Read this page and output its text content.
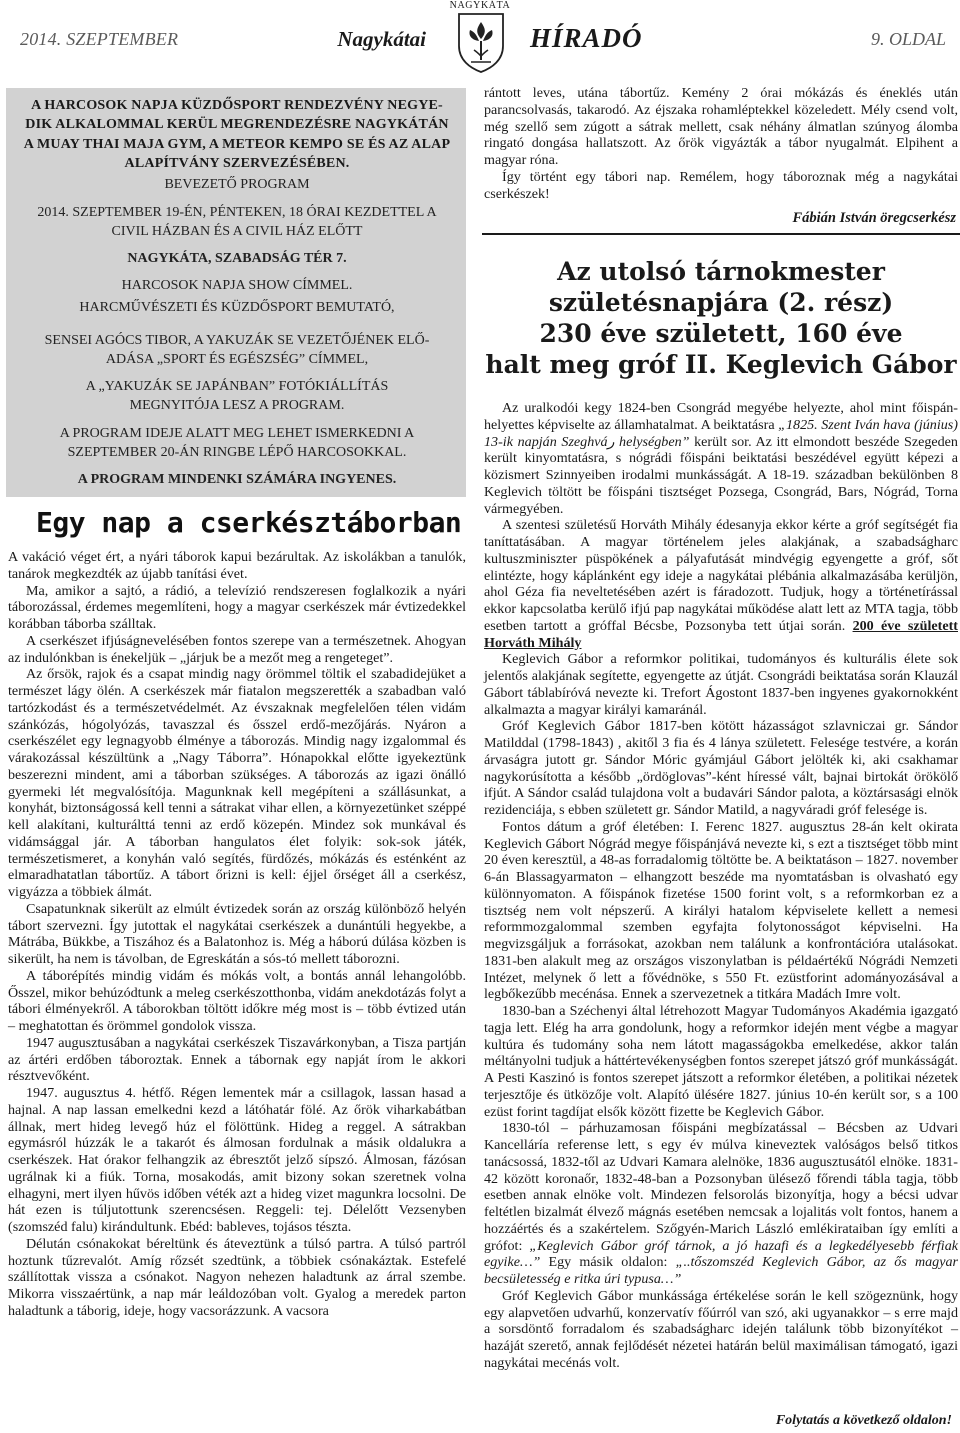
2014. SZEPTEMBER	Nagykátai
NAGYKÁTA
HÍRADÓ	9. OLDAL
A HARCOSOK NAPJA KÜZDŐSPORT RENDEZVÉNY NEGYE-
DIK ALKALOMMAL KERÜL MEGRENDEZÉSRE NAGYKÁTÁN
A MUAY THAI MAJA GYM, A METEOR KEMPO SE ÉS AZ ALAP
ALAPÍTVÁNY SZERVEZÉSÉBEN.
BEVEZETŐ PROGRAM
2014. SZEPTEMBER 19-ÉN, PÉNTEKEN, 18 ÓRAI KEZDETTEL A
CIVIL HÁZBAN ÉS A CIVIL HÁZ ELŐTT
NAGYKÁTA, SZABADSÁG TÉR 7.
HARCOSOK NAPJA SHOW CÍMMEL.
HARCMŰVÉSZETI ÉS KÜZDŐSPORT BEMUTATÓ,
SENSEI AGÓCS TIBOR, A YAKUZÁK SE VEZETŐJÉNEK ELŐ-
ADÁSA „SPORT ÉS EGÉSZSÉG” CÍMMEL,
A „YAKUZÁK SE JAPÁNBAN” FOTÓKIÁLLÍTÁS
MEGNYITÓJA LESZ A PROGRAM.
A PROGRAM IDEJE ALATT MEG LEHET ISMERKEDNI A
SZEPTEMBER 20-ÁN RINGBE LÉPŐ HARCOSOKKAL.
A PROGRAM MINDENKI SZÁMÁRA INGYENES.
Egy nap a cserkésztáborban

A vakáció véget ért, a nyári táborok kapui bezárultak. Az iskolákban a tanulók, tanárok megkezdték az újabb tanítási évet.

Ma, amikor a sajtó, a rádió, a televízió rendszeresen foglalkozik a nyári táborozással, érdemes megemlíteni, hogy a magyar cserkészek már évtizedekkel korábban táborba szálltak.

A cserkészet ifjúságnevelésében fontos szerepe van a természetnek. Ahogyan az indulónkban is énekeljük – „járjuk be a mezőt meg a rengeteget”.

Az őrsök, rajok és a csapat mindig nagy örömmel töltik el szabadidejüket a természet lágy ölén. A cserkészek már fiatalon megszerették a szabadban való tartózkodást és a természetvédelmét. Az évszaknak megfelelően télen vidám szánkózás, hógolyózás, tavaszzal és ősszel erdő-mezőjárás. Nyáron a cserkészélet egy legnagyobb élménye a táborozás. Mindig nagy izgalommal és várakozással készültünk a „Nagy Táborra”. Hónapokkal előtte igyekeztünk beszerezni mindent, ami a táborban szükséges. A táborozás az igazi önálló gyermeki lét megvalósítója. Magunknak kell megépíteni a szállásunkat, a konyhát, biztonságossá kell tenni a sátrakat vihar ellen, a környezetünket széppé kell alakítani, kulturálttá tenni az erdő közepén. Mindez sok munkával és vidámsággal jár. A táborban hangulatos élet folyik: sok-sok játék, természetismeret, a konyhán való segítés, fürdőzés, mókázás és esténként az elmaradhatatlan tábortűz. A tábort őrizni is kell: éjjel őrséget áll a cserkész, vigyázza a többiek álmát.

Csapatunknak sikerült az elmúlt évtizedek során az ország különböző helyén tábort szervezni. Így jutottak el nagykátai cserkészek a dunántúli hegyekbe, a Mátrába, Bükkbe, a Tiszához és a Balatonhoz is. Még a háború dúlása közben is sikerült, ha nem is távolban, de Egreskátán a sós-tó mellett táborozni.

A táborépítés mindig vidám és mókás volt, a bontás annál lehangolóbb. Ősszel, mikor behúzódtunk a meleg cserkészotthonba, vidám anekdotázás folyt a tábori élményekről. A táborokban töltött időkre még most is – több évtized után – meghatottan és örömmel gondolok vissza.

1947 augusztusában a nagykátai cserkészek Tiszavárkonyban, a Tisza partján az ártéri erdőben táboroztak. Ennek a tábornak egy napját írom le akkori résztvevőként.

1947. augusztus 4. hétfő. Régen lementek már a csillagok, lassan hasad a hajnal. A nap lassan emelkedni kezd a látóhatár fölé. Az őrök viharkabátban állnak, mert hideg levegő húz el fölöttünk. Hideg a reggel. A sátrakban egymásról húzzák le a takarót és álmosan fordulnak a másik oldalukra a cserkészek. Hat órakor felhangzik az ébresztőt jelző sípszó. Álmosan, fázósan ugrálnak ki a fiúk. Torna, mosakodás, amit bizony sokan szeretnek volna elhagyni, mert ilyen hűvös időben véték azt a hideg vizet magunkra locsolni. De hát ezen is túljutottunk szerencsésen. Reggeli: tej. Délelőtt Vezsenyben (szomszéd falu) kirándultunk. Ebéd: bableves, tojásos tészta.

Délután csónakokat béreltünk és áteveztünk a túlsó partra. A túlsó partról hoztunk tűzrevalót. Amíg rőzsét szedtünk, a többiek csónakáztak. Estefelé szállítottak vissza a csónakot. Nagyon nehezen haladtunk az árral szembe. Mikorra visszaértünk, a nap már leáldozóban volt. Gyalog a meredek parton haladtunk a táborig, ideje, hogy vacsorázzunk. A vacsora

rántott leves, utána tábortűz. Kemény 2 órai mókázás és éneklés után parancsolvasás, takarodó. Az éjszaka rohamléptekkel közeledett. Mély csend volt, még szellő sem zúgott a sátrak mellett, csak néhány álmatlan szúnyog álomba ringató dongása hallatszott. Az őrök vigyázták a tábor nyugalmát. Elpihent a magyar róna.

Így történt egy tábori nap. Remélem, hogy táboroznak még a nagykátai cserkészek!

Fábián István öregcserkész
Az utolsó tárnokmester
születésnapjára (2. rész)
230 éve született, 160 éve
halt meg gróf II. Keglevich Gábor

Az uralkodói kegy 1824-ben Csongrád megyébe helyezte, ahol mint főispán-helyettes képviselte az államhatalmat. A beiktatásra „1825. Szent Iván hava (június) 13-ik napján Szeghváر helységben” került sor. Az itt elmondott beszéde Szegeden került kinyomtatásra, s nógrádi főispáni beiktatási beszédével együtt képezi a közismert Szinnyeiben irodalmi munkásságát. A 18-19. században bekülönben 8 Keglevich töltött be főispáni tisztséget Pozsega, Csongrád, Bars, Nógrád, Torna vármegyében.

A szentesi születésű Horváth Mihály édesanyja ekkor kérte a gróf segítségét fia taníttatásában. A magyar történelem jeles alakjának, a szabadságharc kultuszminiszter püspökének a pályafutását mindvégig egyengette a gróf, sőt elintézte, hogy káplánként egy ideje a nagykátai plébánia alkalmazásába kerüljön, ahol Géza fia neveltetésében azért is fáradozott. Tudjuk, hogy a történetírással ekkor kapcsolatba kerülő ifjú pap nagykátai működése alatt lett az MTA tagja, több esetben tartott a gróffal Bécsbe, Pozsonyba tett útjai során. 200 éve született Horváth Mihály

Keglevich Gábor a reformkor politikai, tudományos és kulturális élete sok jelentős alakjának segítette, egyengette az útját. Csongrádi beiktatása során Klauzál Gábort táblabíróvá nevezte ki. Trefort Ágostont 1837-ben ingyenes gyakornokként alkalmazta a magyar királyi kamaránál.

Gróf Keglevich Gábor 1817-ben kötött házasságot szlavniczai gr. Sándor Matilddal (1798-1843) , akitől 3 fia és 4 lánya született. Felesége testvére, a korán árvaságra jutott gr. Sándor Móric gyámjául Gábort jelölték ki, aki csakhamar nagykorúsította a később „ördöglovas”-ként híressé vált, bajnai birtokát örökölő ifjút. A Sándor család tulajdona volt a budavári Sándor palota, a köztársasági elnök rezidenciája, s ebben született gr. Sándor Matild, a nagyváradi gróf felesége is.

Fontos dátum a gróf életében: I. Ferenc 1827. augusztus 28-án kelt okirata Keglevich Gábort Nógrád megye főispánjává nevezte ki, s ezt a tisztséget több mint 20 éven keresztül, a 48-as forradalomig töltötte be. A beiktatáson – 1827. november 6-án Blassagyarmaton – elhangzott beszéde ma nyomtatásban is olvasható egy különnyomaton. A főispánok fizetése 1500 forint volt, s a reformkorban ez a tisztség nem volt népszerű. A királyi hatalom képviselete kellett a nemesi reformmozgalommal szemben egyfajta folytonosságot képviselni. Ha megvizsgáljuk a forrásokat, azokban nem találunk a konfrontációra utalásokat. 1831-ben alakult meg az országos viszonylatban is példaértékű Nógrádi Nemzeti Intézet, melynek ő lett a fővédnöke, s 550 Ft. ezüstforint adományozásával a legbőkezűbb mecénása. Ennek a szervezetnek a titkára Madách Imre volt.

1830-ban a Széchenyi által létrehozott Magyar Tudományos Akadémia igazgató tagja lett. Elég ha arra gondolunk, hogy a reformkor idején ment végbe a magyar kultúra és tudomány soha nem látott magasságokba emelkedése, akkor talán méltányolni tudjuk a háttértevékenységben fontos szerepet játszó gróf munkásságát. A Pesti Kaszinó is fontos szerepet játszott a reformkor életében, a politikai nézetek terjesztője és ütközője volt. Alapító ülésére 1827. június 10-én került sor, s a 100 ezüst forint tagdíjat elsők között fizette be Keglevich Gábor.

1830-tól – párhuzamosan főispáni megbízatással – Bécsben az Udvari Kancelláría referense lett, s egy év múlva kineveztek valóságos belső titkos tanácsossá, 1832-től az Udvari Kamara alelnöke, 1836 augusztusától elnöke. 1831-42 között koronaőr, 1832-48-ban a Pozsonyban ülésező főrendi tábla tagja, több esetben annak elnöke volt. Mindezen felsorolás bizonyítja, hogy a bécsi udvar feltétlen bizalmát élvező mágnás esetében nemcsak a lojalitás volt fontos, hanem a hozzáértés és a szakértelem. Szőgyén-Marich László emlékirataiban így említi a grófot: „Keglevich Gábor gróf tárnok, a jó hazafi és a legkedélyesebb férfiak egyike…” Egy másik oldalon: „..tőszomszéd Keglevich Gábor, az ős magyar becsületesség e ritka úri typusa…”

Gróf Keglevich Gábor munkássága értékelése során le kell szögeznünk, hogy egy alapvetően udvarhű, konzervatív főúrról van szó, aki ugyanakkor – s erre majd a sorsdöntő forradalom és szabadságharc idején találunk több bizonyítékot – hazáját szerető, annak fejlődését nézetei határán belül maximálisan támogató, igazi nagykátai mecénás volt.

Folytatás a következő oldalon!
